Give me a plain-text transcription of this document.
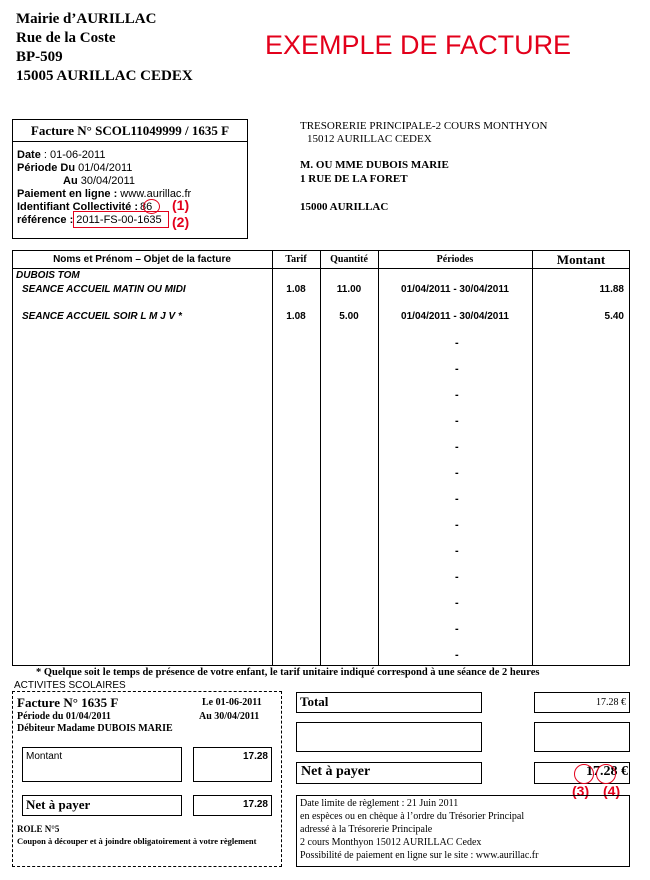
Mairie d’AURILLAC
Rue de la Coste
BP-509
15005 AURILLAC CEDEX
EXEMPLE DE FACTURE
Facture N° SCOL11049999 / 1635 F
Date : 01-06-2011
Période Du 01/04/2011
Au 30/04/2011
Paiement en ligne : www.aurillac.fr
Identifiant Collectivité : 86 (1)
référence : 2011-FS-00-1635 (2)
TRESORERIE PRINCIPALE-2 COURS MONTHYON
15012 AURILLAC CEDEX
M. OU MME DUBOIS MARIE
1 RUE DE LA FORET
15000 AURILLAC
Noms et Prénom – Objet de la facture	Tarif	Quantité	Périodes	Montant
DUBOIS TOM
SEANCE ACCUEIL MATIN OU MIDI	1.08	11.00	01/04/2011 - 30/04/2011	11.88
SEANCE ACCUEIL SOIR L M J V *	1.08	5.00	01/04/2011 - 30/04/2011	5.40
-
-
-
-
-
-
-
-
-
-
-
-
-
* Quelque soit le temps de présence de votre enfant, le tarif unitaire indiqué correspond à une séance de 2 heures
ACTIVITES SCOLAIRES
Facture N° 1635 F	Le 01-06-2011
Période du 01/04/2011	Au 30/04/2011
Débiteur Madame DUBOIS MARIE
Montant	17.28
Net à payer	17.28
ROLE N°5
Coupon à découper et à joindre obligatoirement à votre règlement
Total	17.28 €
Net à payer	17.28 €
(3) (4)
Date limite de règlement : 21 Juin 2011
en espèces ou en chèque à l’ordre du Trésorier Principal
adressé à la Trésorerie Principale
2 cours Monthyon 15012 AURILLAC Cedex
Possibilité de paiement en ligne sur le site : www.aurillac.fr
